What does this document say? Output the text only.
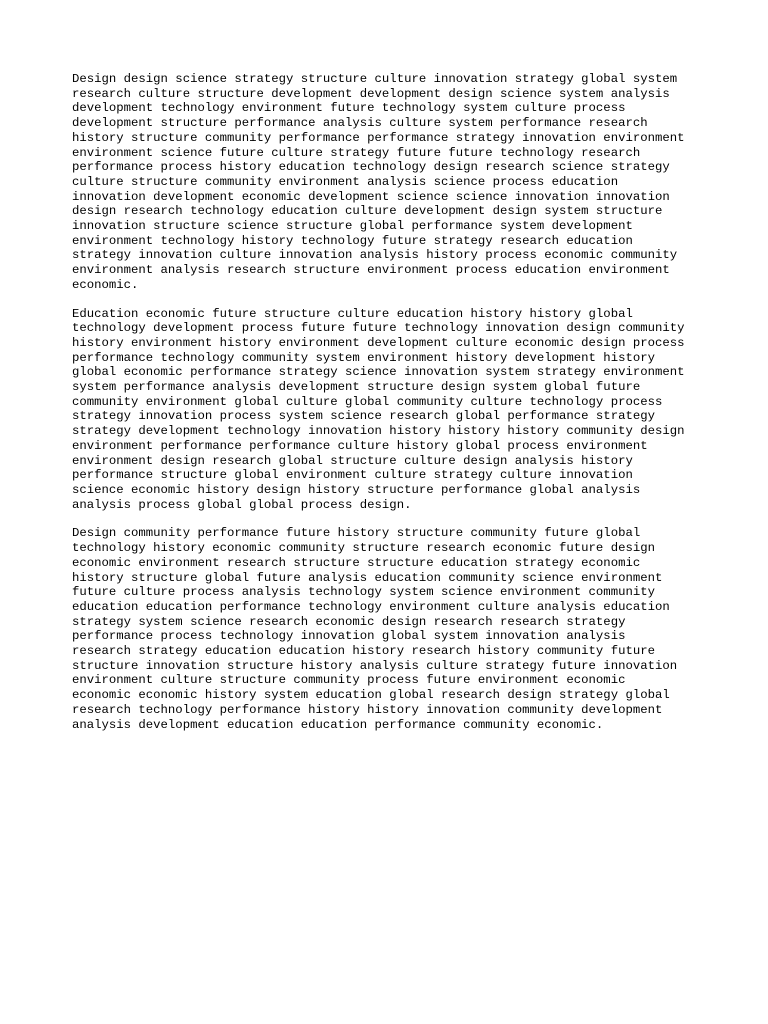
Design design science strategy structure culture innovation strategy global system
research culture structure development development design science system analysis
development technology environment future technology system culture process
development structure performance analysis culture system performance research
history structure community performance performance strategy innovation environment
environment science future culture strategy future future technology research
performance process history education technology design research science strategy
culture structure community environment analysis science process education
innovation development economic development science science innovation innovation
design research technology education culture development design system structure
innovation structure science structure global performance system development
environment technology history technology future strategy research education
strategy innovation culture innovation analysis history process economic community
environment analysis research structure environment process education environment
economic.

Education economic future structure culture education history history global
technology development process future future technology innovation design community
history environment history environment development culture economic design process
performance technology community system environment history development history
global economic performance strategy science innovation system strategy environment
system performance analysis development structure design system global future
community environment global culture global community culture technology process
strategy innovation process system science research global performance strategy
strategy development technology innovation history history history community design
environment performance performance culture history global process environment
environment design research global structure culture design analysis history
performance structure global environment culture strategy culture innovation
science economic history design history structure performance global analysis
analysis process global global process design.

Design community performance future history structure community future global
technology history economic community structure research economic future design
economic environment research structure structure education strategy economic
history structure global future analysis education community science environment
future culture process analysis technology system science environment community
education education performance technology environment culture analysis education
strategy system science research economic design research research strategy
performance process technology innovation global system innovation analysis
research strategy education education history research history community future
structure innovation structure history analysis culture strategy future innovation
environment culture structure community process future environment economic
economic economic history system education global research design strategy global
research technology performance history history innovation community development
analysis development education education performance community economic.
